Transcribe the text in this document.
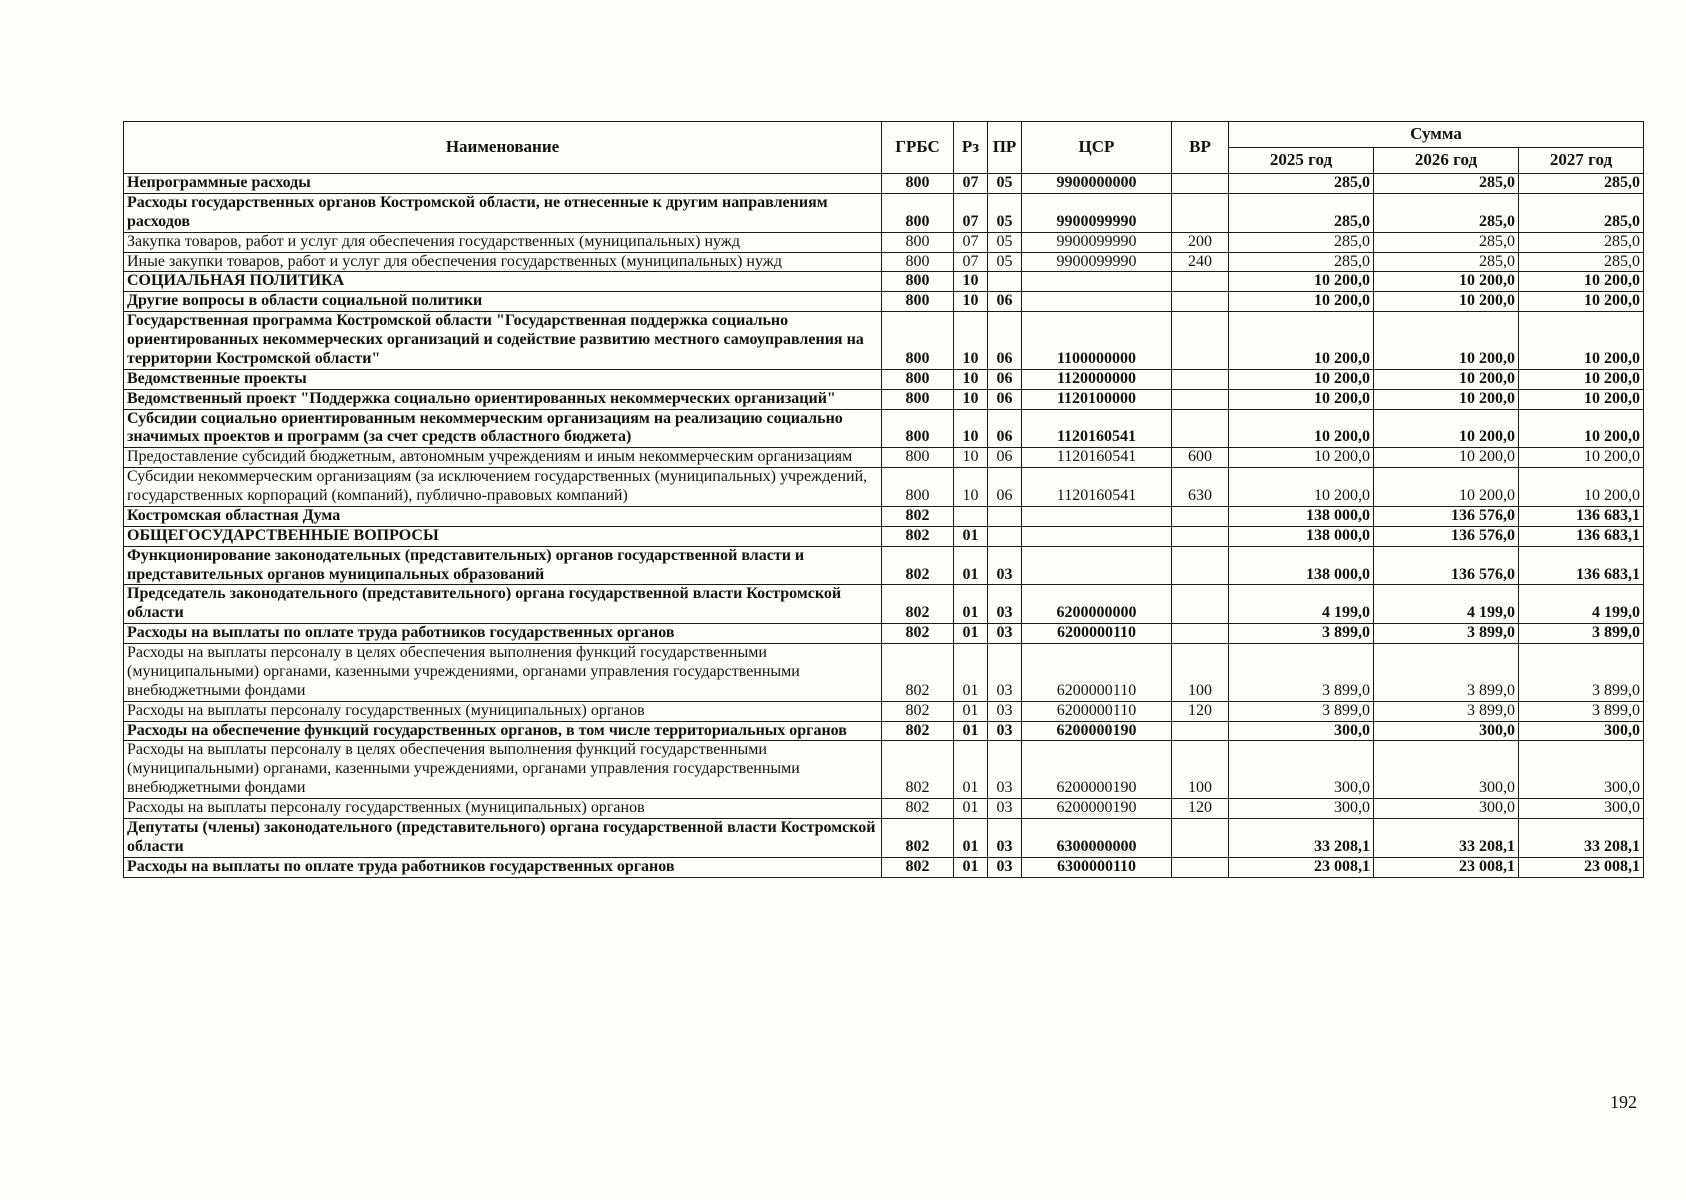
Наименование	ГРБС	Рз	ПР	ЦСР	ВР	Сумма		
						2025 год	2026 год	2027 год
Непрограммные расходы	800	07	05	9900000000		285,0	285,0	285,0
Расходы государственных органов Костромской области, не отнесенные к другим направлениям расходов	800	07	05	9900099990		285,0	285,0	285,0
Закупка товаров, работ и услуг для обеспечения государственных (муниципальных) нужд	800	07	05	9900099990	200	285,0	285,0	285,0
Иные закупки товаров, работ и услуг для обеспечения государственных (муниципальных) нужд	800	07	05	9900099990	240	285,0	285,0	285,0
СОЦИАЛЬНАЯ ПОЛИТИКА	800	10				10 200,0	10 200,0	10 200,0
Другие вопросы в области социальной политики	800	10	06			10 200,0	10 200,0	10 200,0
Государственная программа Костромской области "Государственная поддержка социально ориентированных некоммерческих организаций и содействие развитию местного самоуправления на территории Костромской области"	800	10	06	1100000000		10 200,0	10 200,0	10 200,0
Ведомственные проекты	800	10	06	1120000000		10 200,0	10 200,0	10 200,0
Ведомственный проект "Поддержка социально ориентированных некоммерческих организаций"	800	10	06	1120100000		10 200,0	10 200,0	10 200,0
Субсидии социально ориентированным некоммерческим организациям на реализацию социально значимых проектов и программ (за счет средств областного бюджета)	800	10	06	1120160541		10 200,0	10 200,0	10 200,0
Предоставление субсидий бюджетным, автономным учреждениям и иным некоммерческим организациям	800	10	06	1120160541	600	10 200,0	10 200,0	10 200,0
Субсидии некоммерческим организациям (за исключением государственных (муниципальных) учреждений, государственных корпораций (компаний), публично-правовых компаний)	800	10	06	1120160541	630	10 200,0	10 200,0	10 200,0
Костромская областная Дума	802					138 000,0	136 576,0	136 683,1
ОБЩЕГОСУДАРСТВЕННЫЕ ВОПРОСЫ	802	01				138 000,0	136 576,0	136 683,1
Функционирование законодательных (представительных) органов государственной власти и представительных органов муниципальных образований	802	01	03			138 000,0	136 576,0	136 683,1
Председатель законодательного (представительного) органа государственной власти Костромской области	802	01	03	6200000000		4 199,0	4 199,0	4 199,0
Расходы на выплаты по оплате труда работников государственных органов	802	01	03	6200000110		3 899,0	3 899,0	3 899,0
Расходы на выплаты персоналу в целях обеспечения выполнения функций государственными (муниципальными) органами, казенными учреждениями, органами управления государственными внебюджетными фондами	802	01	03	6200000110	100	3 899,0	3 899,0	3 899,0
Расходы на выплаты персоналу государственных (муниципальных) органов	802	01	03	6200000110	120	3 899,0	3 899,0	3 899,0
Расходы на обеспечение функций государственных органов, в том числе территориальных органов	802	01	03	6200000190		300,0	300,0	300,0
Расходы на выплаты персоналу в целях обеспечения выполнения функций государственными (муниципальными) органами, казенными учреждениями, органами управления государственными внебюджетными фондами	802	01	03	6200000190	100	300,0	300,0	300,0
Расходы на выплаты персоналу государственных (муниципальных) органов	802	01	03	6200000190	120	300,0	300,0	300,0
Депутаты (члены) законодательного (представительного) органа государственной власти Костромской области	802	01	03	6300000000		33 208,1	33 208,1	33 208,1
Расходы на выплаты по оплате труда работников государственных органов	802	01	03	6300000110		23 008,1	23 008,1	23 008,1
192
